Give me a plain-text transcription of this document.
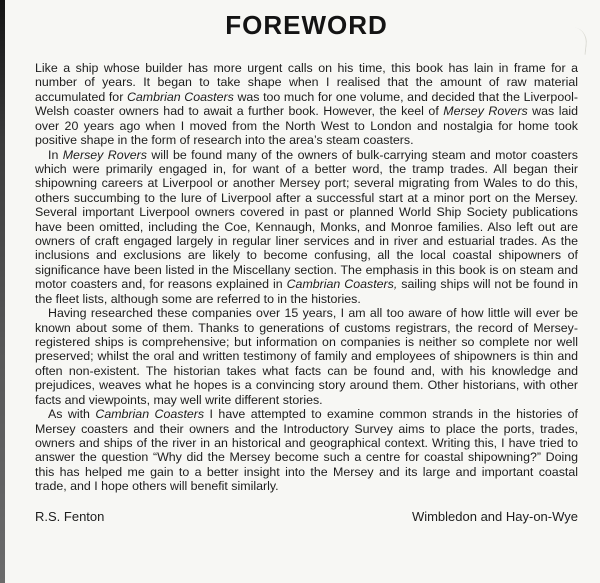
FOREWORD

Like a ship whose builder has more urgent calls on his time, this book has lain in frame for a number of years. It began to take shape when I realised that the amount of raw material accumulated for Cambrian Coasters was too much for one volume, and decided that the Liverpool-Welsh coaster owners had to await a further book. However, the keel of Mersey Rovers was laid over 20 years ago when I moved from the North West to London and nostalgia for home took positive shape in the form of research into the area’s steam coasters.

In Mersey Rovers will be found many of the owners of bulk-carrying steam and motor coasters which were primarily engaged in, for want of a better word, the tramp trades. All began their shipowning careers at Liverpool or another Mersey port; several migrating from Wales to do this, others succumbing to the lure of Liverpool after a successful start at a minor port on the Mersey. Several important Liverpool owners covered in past or planned World Ship Society publications have been omitted, including the Coe, Kennaugh, Monks, and Monroe families. Also left out are owners of craft engaged largely in regular liner services and in river and estuarial trades. As the inclusions and exclusions are likely to become confusing, all the local coastal shipowners of significance have been listed in the Miscellany section. The emphasis in this book is on steam and motor coasters and, for reasons explained in Cambrian Coasters, sailing ships will not be found in the fleet lists, although some are referred to in the histories.

Having researched these companies over 15 years, I am all too aware of how little will ever be known about some of them. Thanks to generations of customs registrars, the record of Mersey-registered ships is comprehensive; but information on companies is neither so complete nor well preserved; whilst the oral and written testimony of family and employees of shipowners is thin and often non-existent. The historian takes what facts can be found and, with his knowledge and prejudices, weaves what he hopes is a convincing story around them. Other historians, with other facts and viewpoints, may well write different stories.

As with Cambrian Coasters I have attempted to examine common strands in the histories of Mersey coasters and their owners and the Introductory Survey aims to place the ports, trades, owners and ships of the river in an historical and geographical context. Writing this, I have tried to answer the question “Why did the Mersey become such a centre for coastal shipowning?” Doing this has helped me gain to a better insight into the Mersey and its large and important coastal trade, and I hope others will benefit similarly.

R.S. Fenton	Wimbledon and Hay-on-Wye
